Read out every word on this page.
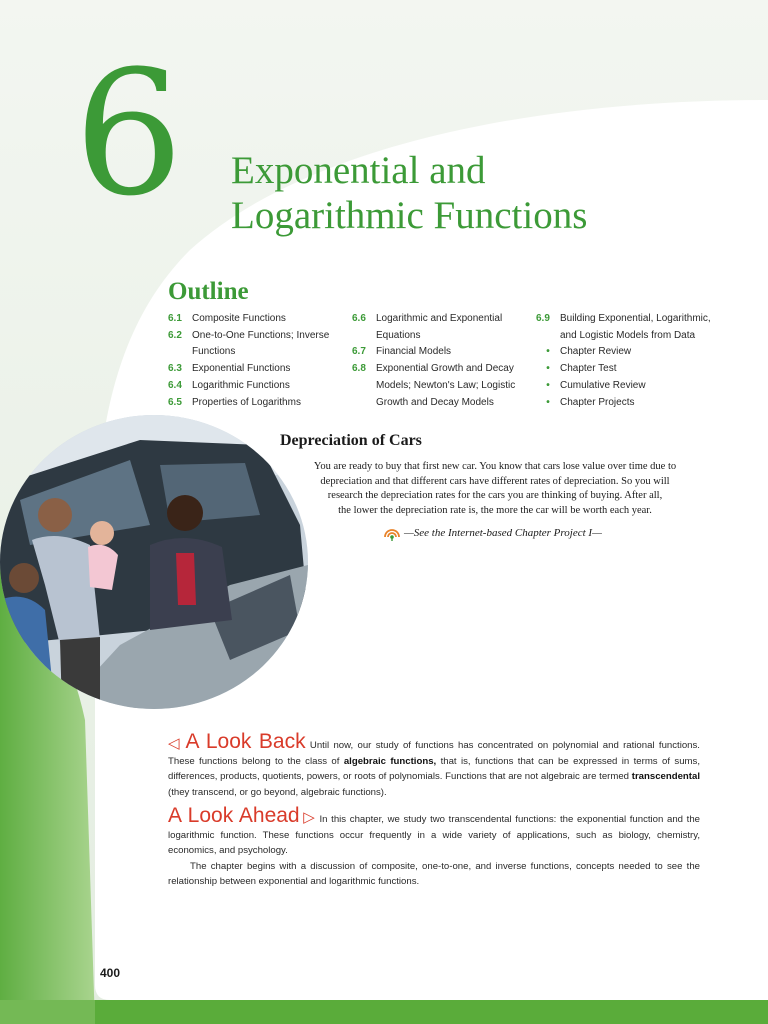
6 Exponential and
Logarithmic Functions
Outline
6.1	Composite Functions
6.2	One-to-One Functions; Inverse
Functions
6.3	Exponential Functions
6.4	Logarithmic Functions
6.5	Properties of Logarithms
6.6	Logarithmic and Exponential
Equations
6.7	Financial Models
6.8	Exponential Growth and Decay
Models; Newton's Law; Logistic
Growth and Decay Models
6.9	Building Exponential, Logarithmic,
and Logistic Models from Data
•	Chapter Review
•	Chapter Test
•	Cumulative Review
•	Chapter Projects
Depreciation of Cars
You are ready to buy that first new car. You know that cars lose value over time due to
depreciation and that different cars have different rates of depreciation. So you will
research the depreciation rates for the cars you are thinking of buying. After all,
the lower the depreciation rate is, the more the car will be worth each year.
—See the Internet-based Chapter Project I—
◁ A Look Back Until now, our study of functions has concentrated on polynomial and rational functions. These functions belong to the class of algebraic functions, that is, functions that can be expressed in terms of sums, differences, products, quotients, powers, or roots of polynomials. Functions that are not algebraic are termed transcendental (they transcend, or go beyond, algebraic functions).
A Look Ahead ▷ In this chapter, we study two transcendental functions: the exponential function and the logarithmic function. These functions occur frequently in a wide variety of applications, such as biology, chemistry, economics, and psychology.
The chapter begins with a discussion of composite, one-to-one, and inverse functions, concepts needed to see the relationship between exponential and logarithmic functions.
400
